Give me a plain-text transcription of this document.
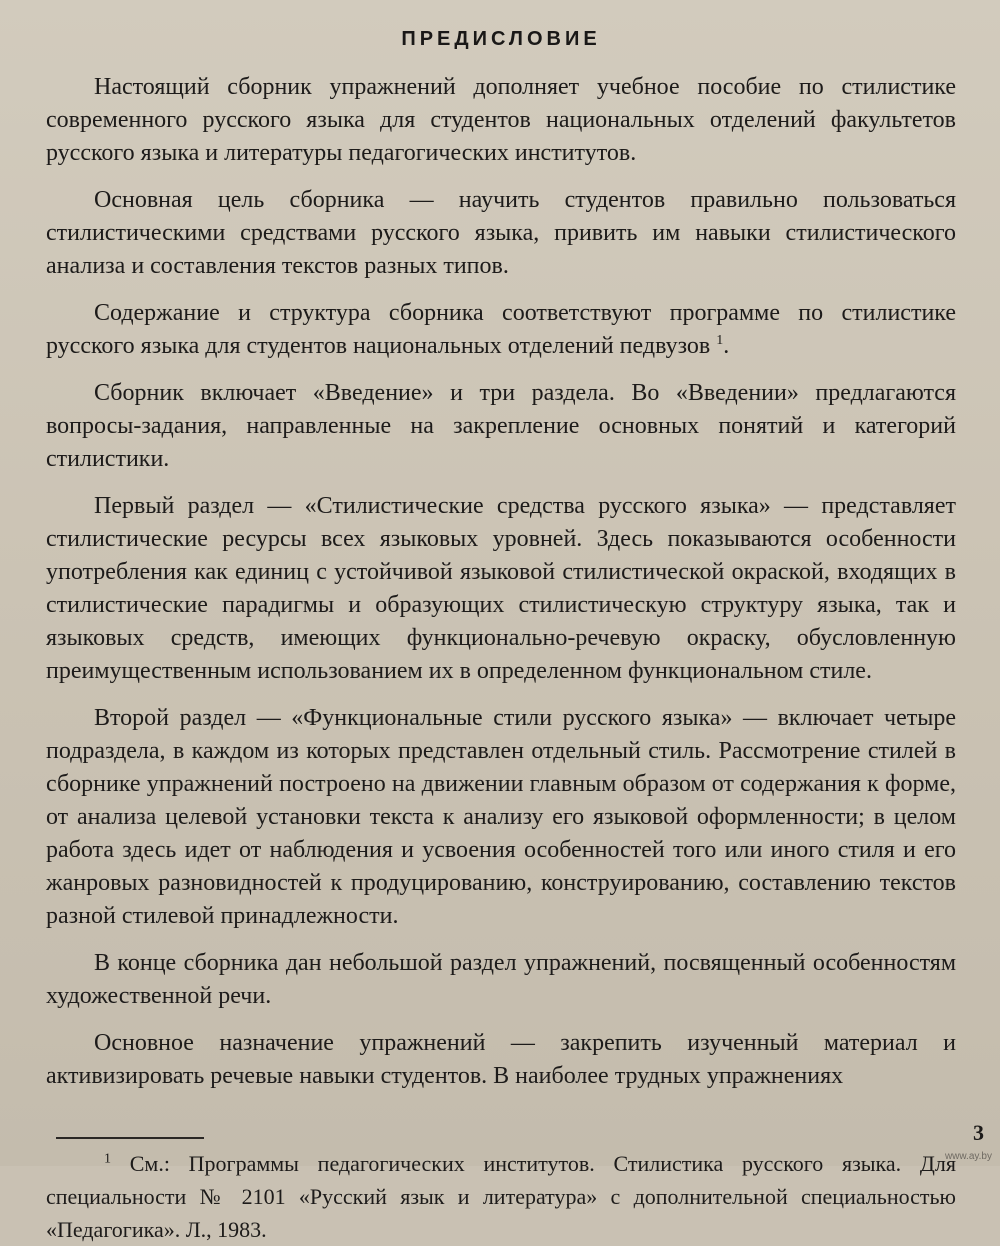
ПРЕДИСЛОВИЕ

Настоящий сборник упражнений дополняет учебное пособие по стилистике современного русского языка для студентов национальных отделений факультетов русского языка и литературы педагогических институтов.

Основная цель сборника — научить студентов правильно пользоваться стилистическими средствами русского языка, привить им навыки стилистического анализа и составления текстов разных типов.

Содержание и структура сборника соответствуют программе по стилистике русского языка для студентов национальных отделений педвузов $^1$.

Сборник включает «Введение» и три раздела. Во «Введении» предлагаются вопросы-задания, направленные на закрепление основных понятий и категорий стилистики.

Первый раздел — «Стилистические средства русского языка» — представляет стилистические ресурсы всех языковых уровней. Здесь показываются особенности употребления как единиц с устойчивой языковой стилистической окраской, входящих в стилистические парадигмы и образующих стилистическую структуру языка, так и языковых средств, имеющих функционально-речевую окраску, обусловленную преимущественным использованием их в определенном функциональном стиле.

Второй раздел — «Функциональные стили русского языка» — включает четыре подраздела, в каждом из которых представлен отдельный стиль. Рассмотрение стилей в сборнике упражнений построено на движении главным образом от содержания к форме, от анализа целевой установки текста к анализу его языковой оформленности; в целом работа здесь идет от наблюдения и усвоения особенностей того или иного стиля и его жанровых разновидностей к продуцированию, конструированию, составлению текстов разной стилевой принадлежности.

В конце сборника дан небольшой раздел упражнений, посвященный особенностям художественной речи.

Основное назначение упражнений — закрепить изученный материал и активизировать речевые навыки студентов. В наиболее трудных упражнениях

$^1$ См.: Программы педагогических институтов. Стилистика русского языка. Для специальности № 2101 «Русский язык и литература» с дополнительной специальностью «Педагогика». Л., 1983.

3
www.ay.by
